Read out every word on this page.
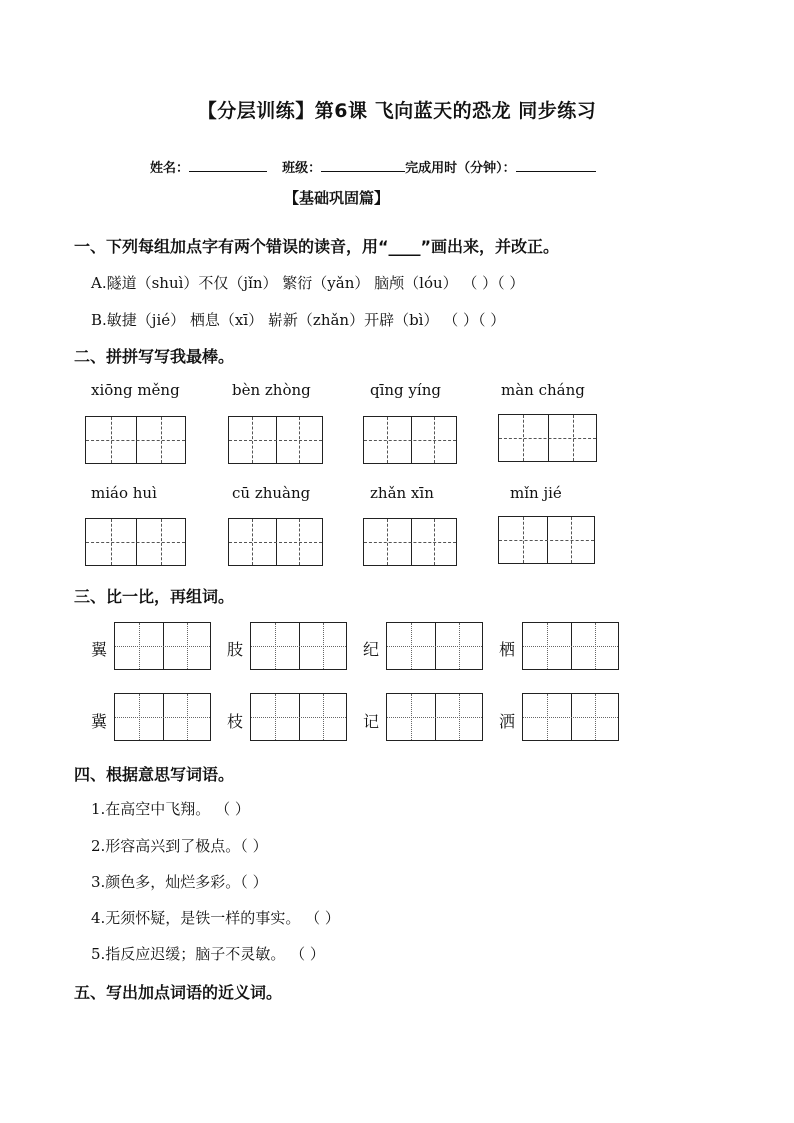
【分层训练】第6课 飞向蓝天的恐龙 同步练习
姓名：	班级：	完成用时（分钟）：
【基础巩固篇】
一、下列每组加点字有两个错误的读音，用“____”画出来，并改正。
A.隧道（shuì）不仅（jǐn） 繁衍（yǎn） 脑颅（lóu） （ ）（ ）
B.敏捷（jié） 栖息（xī） 崭新（zhǎn）开辟（bì） （ ）（ ）
二、拼拼写写我最棒。
xiōng měng	bèn zhòng	qīng yíng	màn cháng
miáo huì	cū zhuàng	zhǎn xīn	mǐn jié
三、比一比，再组词。
翼	肢	纪	栖
冀	枝	记	洒
四、根据意思写词语。
1.在高空中飞翔。 （ ）
2.形容高兴到了极点。（ ）
3.颜色多，灿烂多彩。（ ）
4.无须怀疑，是铁一样的事实。 （ ）
5.指反应迟缓；脑子不灵敏。 （ ）
五、写出加点词语的近义词。
